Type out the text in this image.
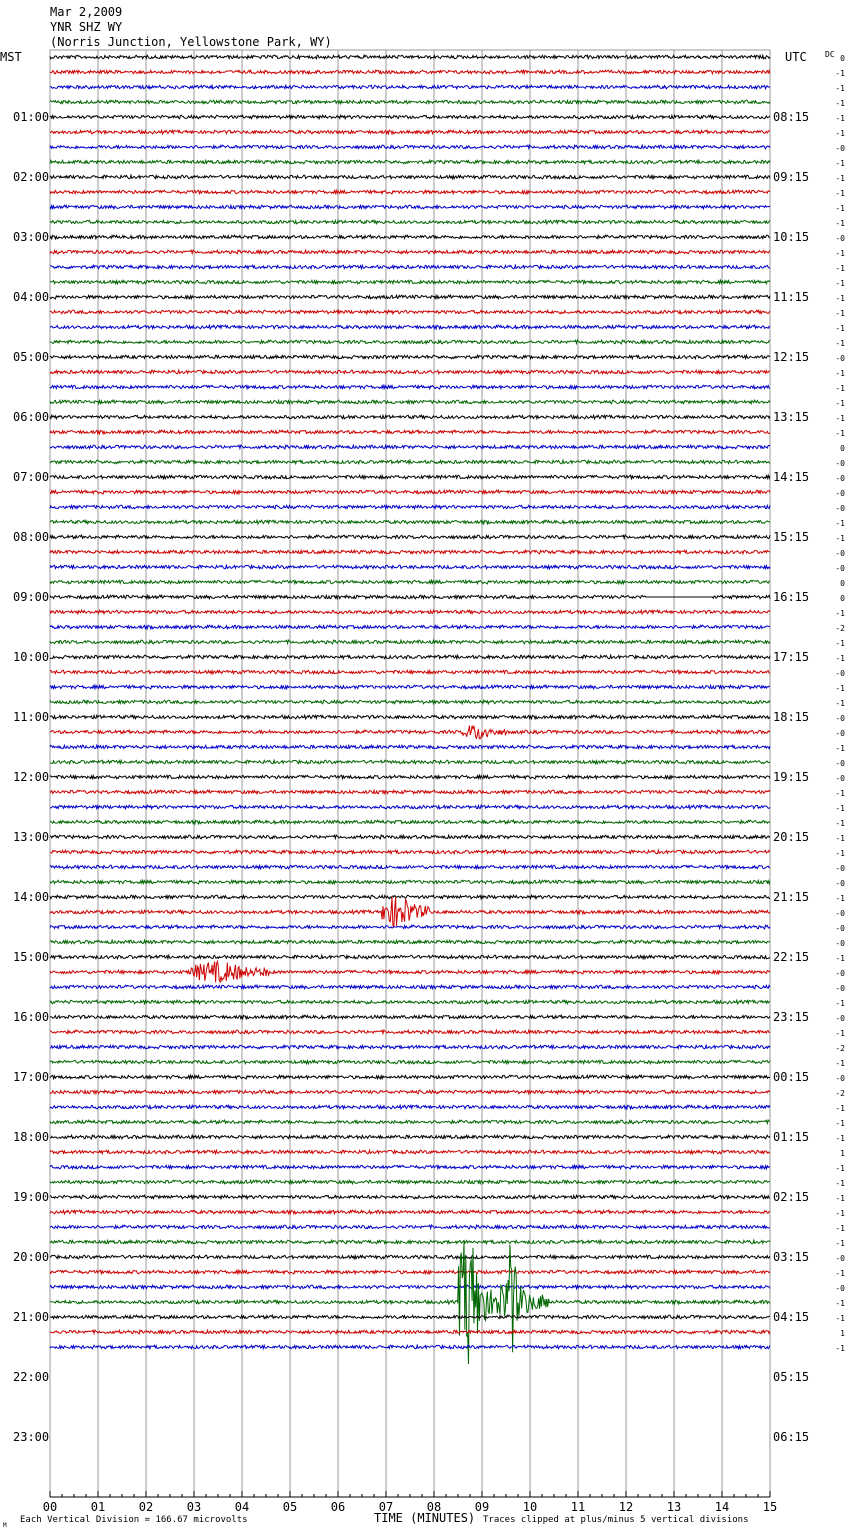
Mar 2,2009
YNR SHZ WY
(Norris Junction, Yellowstone Park, WY)
MST	UTC DC
01:00
02:00
03:00
04:00
05:00
06:00
07:00
08:00
09:00
10:00
11:00
12:00
13:00
14:00
15:00
16:00
17:00
18:00
19:00
20:00
21:00
22:00
23:00
08:15
09:15
10:15
11:15
12:15
13:15
14:15
15:15
16:15
17:15
18:15
19:15
20:15
21:15
22:15
23:15
00:15
01:15
02:15
03:15
04:15
05:15
06:15
0
-1
-1
-1
-1
-1
-0
-1
-1
-1
-1
-1
-0
-1
-1
-1
-1
-1
-1
-1
-0
-1
-1
-1
-1
-1
0
-0
-0
-0
-0
-1
-1
-0
-0
0
0
-1
-2
-1
-1
-0
-1
-1
-0
-0
-1
-0
-0
-1
-1
-1
-1
-1
-0
-0
-1
-0
-0
-0
-1
-0
-0
-1
-0
-1
-2
-1
-0
-2
-1
-1
-1
1
-1
-1
-1
-1
-1
-1
-0
-1
-0
-1
-1
1
-1
00	01	02	03	04	05	06	07	08	09	10	11	12	13	14	15
M
Each Vertical Division = 166.67 microvolts	TIME (MINUTES) Traces clipped at plus/minus 5 vertical divisions
